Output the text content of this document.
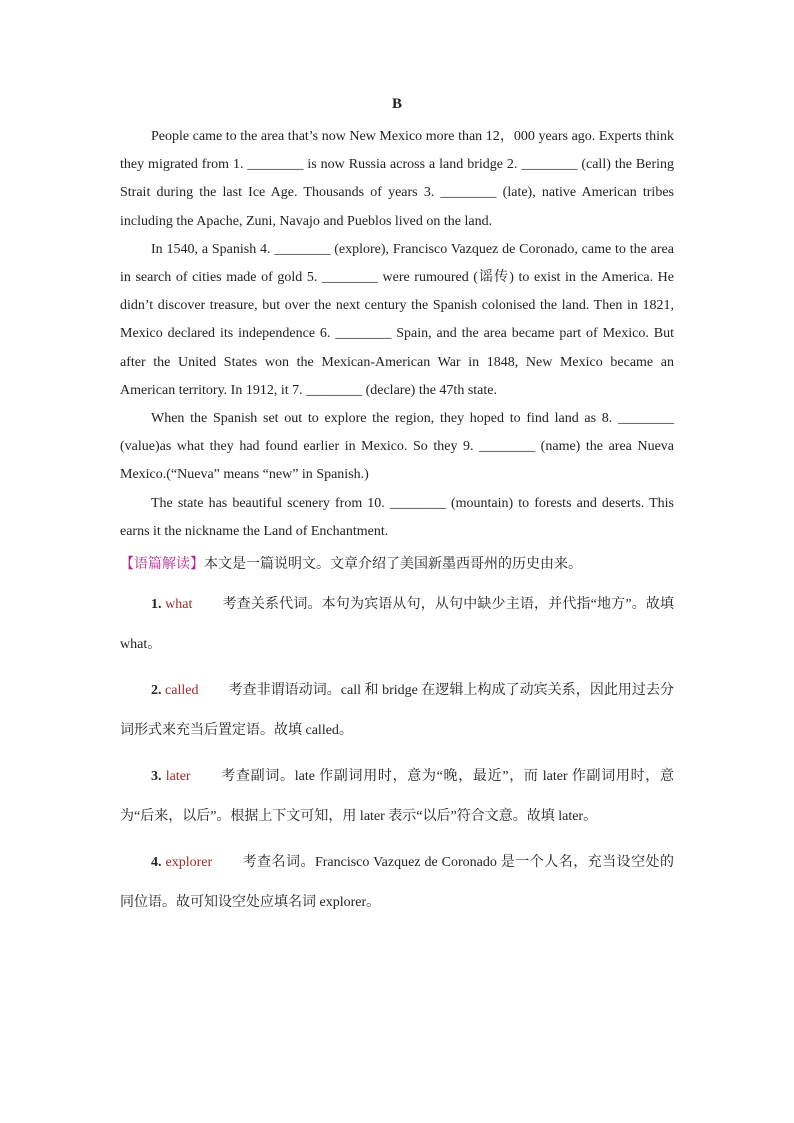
B

People came to the area that’s now New Mexico more than 12，000 years ago. Experts think they migrated from 1. ________ is now Russia across a land bridge 2. ________ (call) the Bering Strait during the last Ice Age. Thousands of years 3. ________ (late), native American tribes including the Apache, Zuni, Navajo and Pueblos lived on the land.

In 1540, a Spanish 4. ________ (explore), Francisco Vazquez de Coronado, came to the area in search of cities made of gold 5. ________ were rumoured (谣传) to exist in the America. He didn’t discover treasure, but over the next century the Spanish colonised the land. Then in 1821, Mexico declared its independence 6. ________ Spain, and the area became part of Mexico. But after the United States won the Mexican-American War in 1848, New Mexico became an American territory. In 1912, it 7. ________ (declare) the 47th state.

When the Spanish set out to explore the region, they hoped to find land as 8. ________ (value)as what they had found earlier in Mexico. So they 9. ________ (name) the area Nueva Mexico.(“Nueva” means “new” in Spanish.)

The state has beautiful scenery from 10. ________ (mountain) to forests and deserts. This earns it the nickname the Land of Enchantment.

【语篇解读】本文是一篇说明文。文章介绍了美国新墨西哥州的历史由来。
1. what 考查关系代词。本句为宾语从句，从句中缺少主语，并代指“地方”。故填 what。
2. called 考查非谓语动词。call 和 bridge 在逻辑上构成了动宾关系，因此用过去分词形式来充当后置定语。故填 called。
3. later 考查副词。late 作副词用时，意为“晚，最近”，而 later 作副词用时，意为“后来，以后”。根据上下文可知，用 later 表示“以后”符合文意。故填 later。
4. explorer 考查名词。Francisco Vazquez de Coronado 是一个人名，充当设空处的同位语。故可知设空处应填名词 explorer。
